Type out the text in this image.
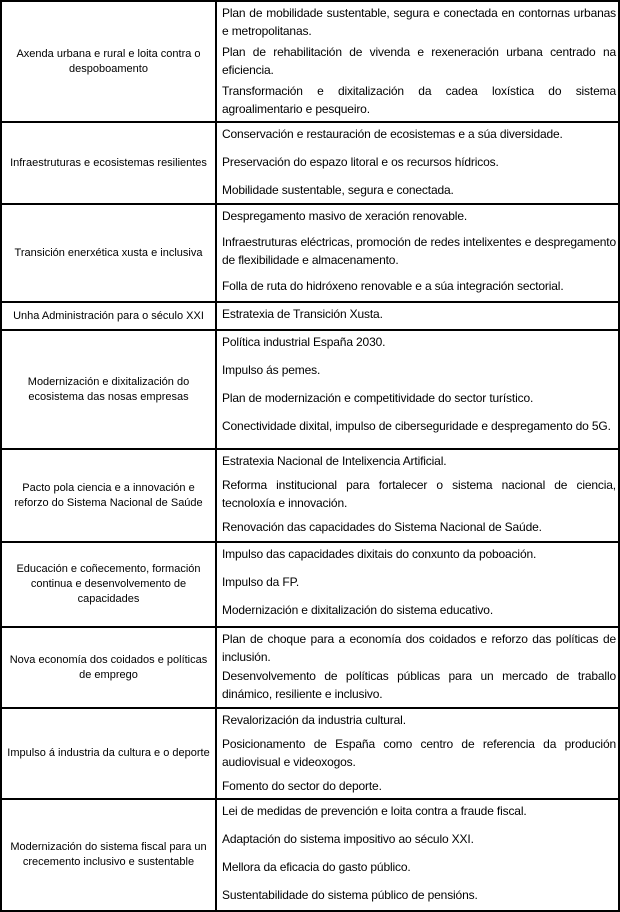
Axenda urbana e rural e loita contra o despoboamento

Plan de mobilidade sustentable, segura e conectada en contornas urbanas e metropolitanas.

Plan de rehabilitación de vivenda e rexeneración urbana centrado na eficiencia.

Transformación e dixitalización da cadea loxística do sistema agroalimentario e pesqueiro.

Infraestruturas e ecosistemas resilientes

Conservación e restauración de ecosistemas e a súa diversidade.

Preservación do espazo litoral e os recursos hídricos.

Mobilidade sustentable, segura e conectada.

Transición enerxética xusta e inclusiva

Despregamento masivo de xeración renovable.

Infraestruturas eléctricas, promoción de redes intelixentes e despregamento de flexibilidade e almacenamento.

Folla de ruta do hidróxeno renovable e a súa integración sectorial.

Unha Administración para o século XXI Estratexia de Transición Xusta.

Modernización e dixitalización do ecosistema das nosas empresas

Política industrial España 2030.

Impulso ás pemes.

Plan de modernización e competitividade do sector turístico.

Conectividade dixital, impulso de ciberseguridade e despregamento do 5G.

Pacto pola ciencia e a innovación e reforzo do Sistema Nacional de Saúde

Estratexia Nacional de Intelixencia Artificial.

Reforma institucional para fortalecer o sistema nacional de ciencia, tecnoloxía e innovación.

Renovación das capacidades do Sistema Nacional de Saúde.

Educación e coñecemento, formación continua e desenvolvemento de capacidades

Impulso das capacidades dixitais do conxunto da poboación.

Impulso da FP.

Modernización e dixitalización do sistema educativo.

Nova economía dos coidados e políticas de emprego

Plan de choque para a economía dos coidados e reforzo das políticas de inclusión.

Desenvolvemento de políticas públicas para un mercado de traballo dinámico, resiliente e inclusivo.

Impulso á industria da cultura e o deporte

Revalorización da industria cultural.

Posicionamento de España como centro de referencia da produción audiovisual e videoxogos.

Fomento do sector do deporte.

Modernización do sistema fiscal para un crecemento inclusivo e sustentable

Lei de medidas de prevención e loita contra a fraude fiscal.

Adaptación do sistema impositivo ao século XXI.

Mellora da eficacia do gasto público.

Sustentabilidade do sistema público de pensións.
